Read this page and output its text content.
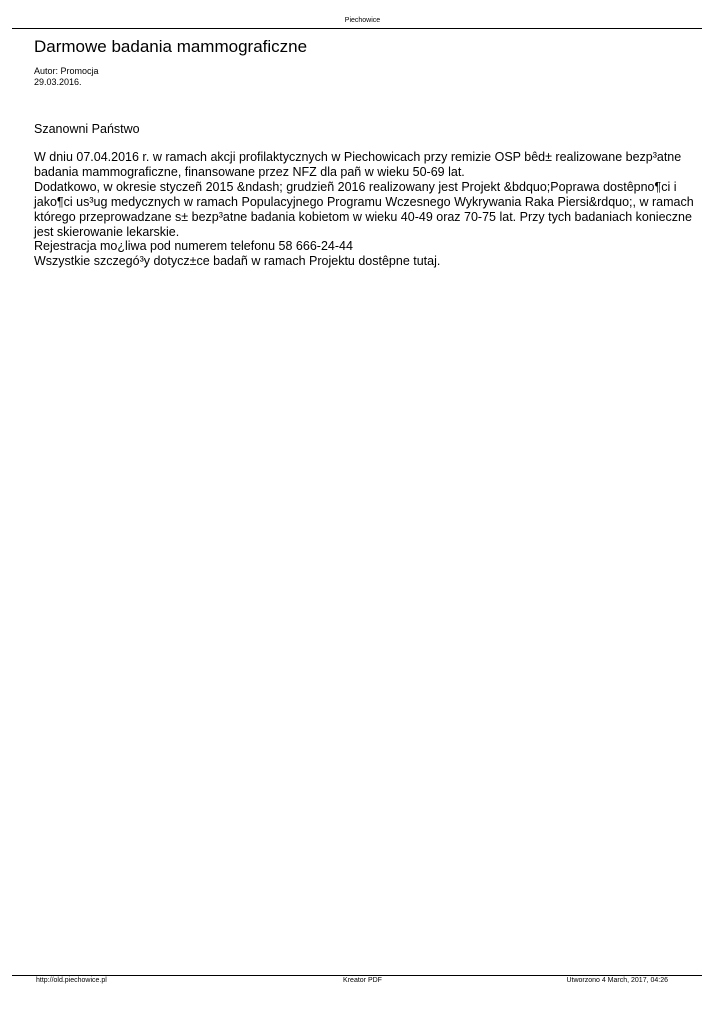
Piechowice
Darmowe badania mammograficzne
Autor: Promocja
29.03.2016.
Szanowni Państwo

W dniu 07.04.2016 r. w ramach akcji profilaktycznych w Piechowicach przy remizie OSP bêd± realizowane bezp³atne badania mammograficzne, finansowane przez NFZ dla pañ w wieku 50-69 lat.

Dodatkowo, w okresie styczeñ 2015 &ndash; grudzieñ 2016 realizowany jest Projekt &bdquo;Poprawa dostêpno¶ci i jako¶ci us³ug medycznych w ramach Populacyjnego Programu Wczesnego Wykrywania Raka Piersi&rdquo;, w ramach którego przeprowadzane s± bezp³atne badania kobietom w wieku 40-49 oraz 70-75 lat. Przy tych badaniach konieczne jest skierowanie lekarskie.

Rejestracja mo¿liwa pod numerem telefonu 58 666-24-44

Wszystkie szczegó³y dotycz±ce badañ w ramach Projektu dostêpne tutaj.

http://old.piechowice.pl	Kreator PDF	Utworzono 4 March, 2017, 04:26
